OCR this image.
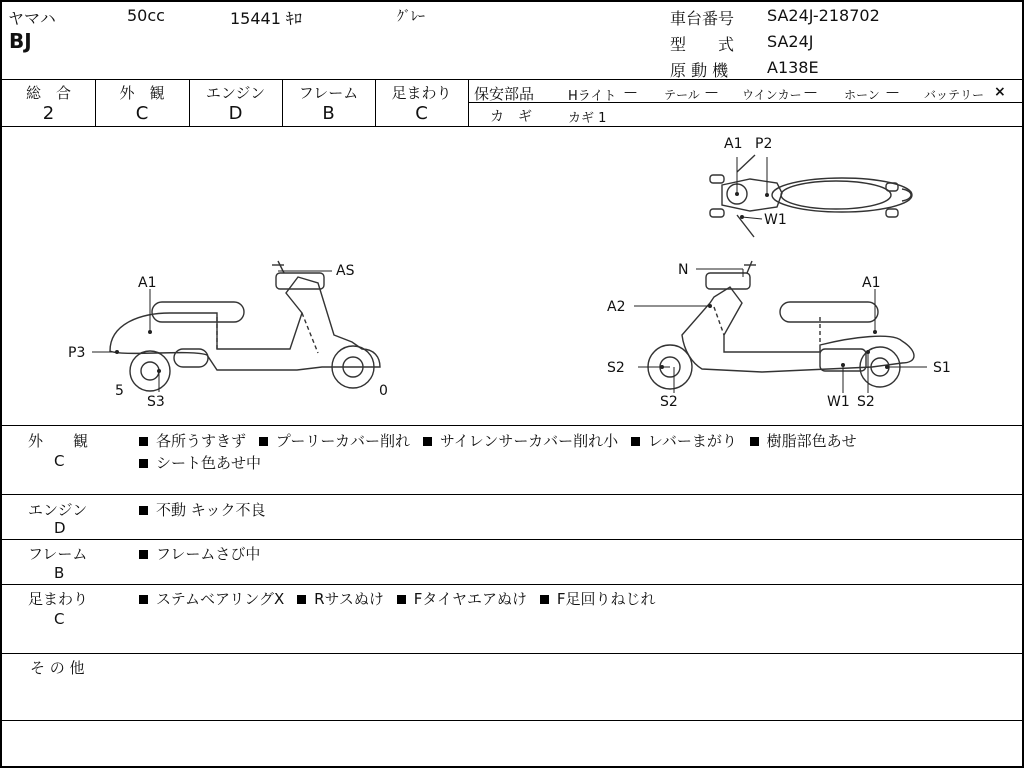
ヤマハ	50cc	15441 ｷﾛ	ｸﾞﾚｰ
BJ
車台番号 SA24J-218702
型　　式 SA24J
原 動 機 A138E
総　合
2
外　観
C
エンジン
D
フレーム
B
足まわり
C
保安部品	Hライト — テール — ウインカー — ホーン — バッテリー ×
カ　ギ	カギ 1
A1
AS
P3
S3
5	0
A1 P2
W1
N
A1
A2
S2	S1
S2	W1 S2
外　　観
C
各所うすきず プーリーカバー削れ サイレンサーカバー削れ小 レバーまがり 樹脂部色あせ
シート色あせ中
エンジン
D
不動 キック不良
フレーム
B
フレームさび中
足まわり
C
ステムベアリングX Rサスぬけ Fタイヤエアぬけ F足回りねじれ
そ の 他
